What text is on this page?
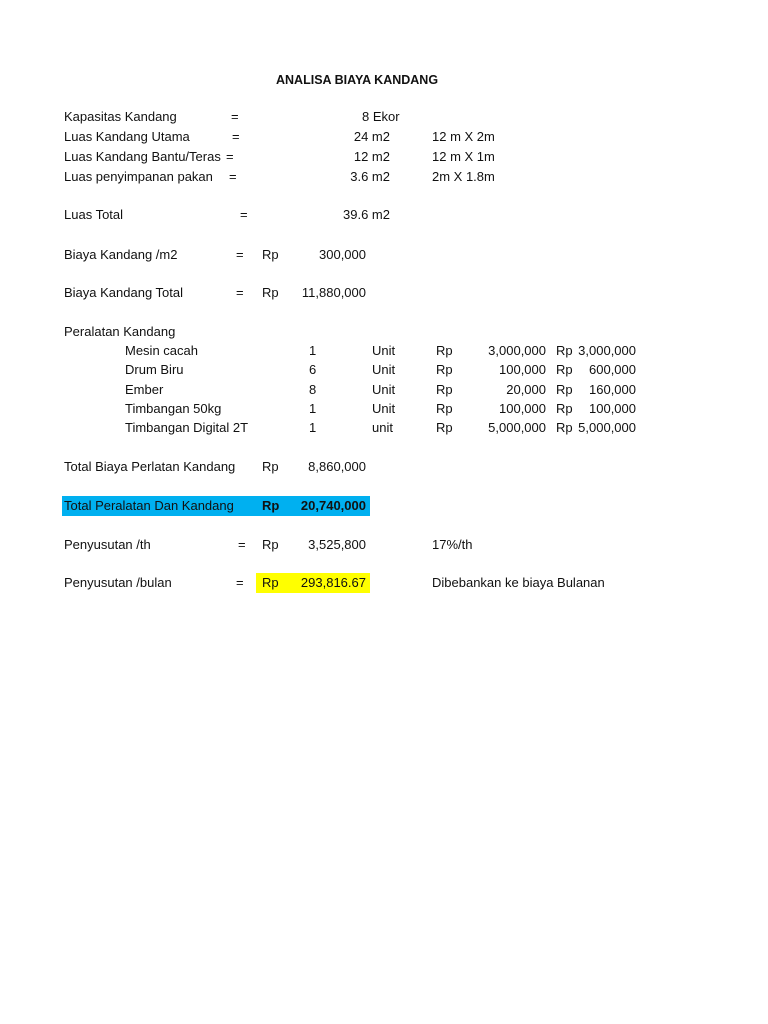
ANALISA BIAYA KANDANG
Kapasitas Kandang	=	8 Ekor
Luas Kandang Utama	=	24 m2	12 m X 2m
Luas Kandang Bantu/Teras =	12 m2	12 m X 1m
Luas penyimpanan pakan =	3.6 m2	2m X 1.8m
Luas Total	=	39.6 m2
Biaya Kandang /m2	= Rp	300,000
Biaya Kandang Total	= Rp	11,880,000
Peralatan Kandang
Mesin cacah	1	Unit	Rp	3,000,000 Rp 3,000,000
Drum Biru	6	Unit	Rp	100,000 Rp	600,000
Ember	8	Unit	Rp	20,000 Rp	160,000
Timbangan 50kg	1	Unit	Rp	100,000 Rp	100,000
Timbangan Digital 2T	1	unit	Rp	5,000,000 Rp 5,000,000
Total Biaya Perlatan Kandang Rp	8,860,000
Total Peralatan Dan Kandang Rp	20,740,000
Penyusutan /th	= Rp	3,525,800	17%/th
Penyusutan /bulan	= Rp	293,816.67	Dibebankan ke biaya Bulanan
